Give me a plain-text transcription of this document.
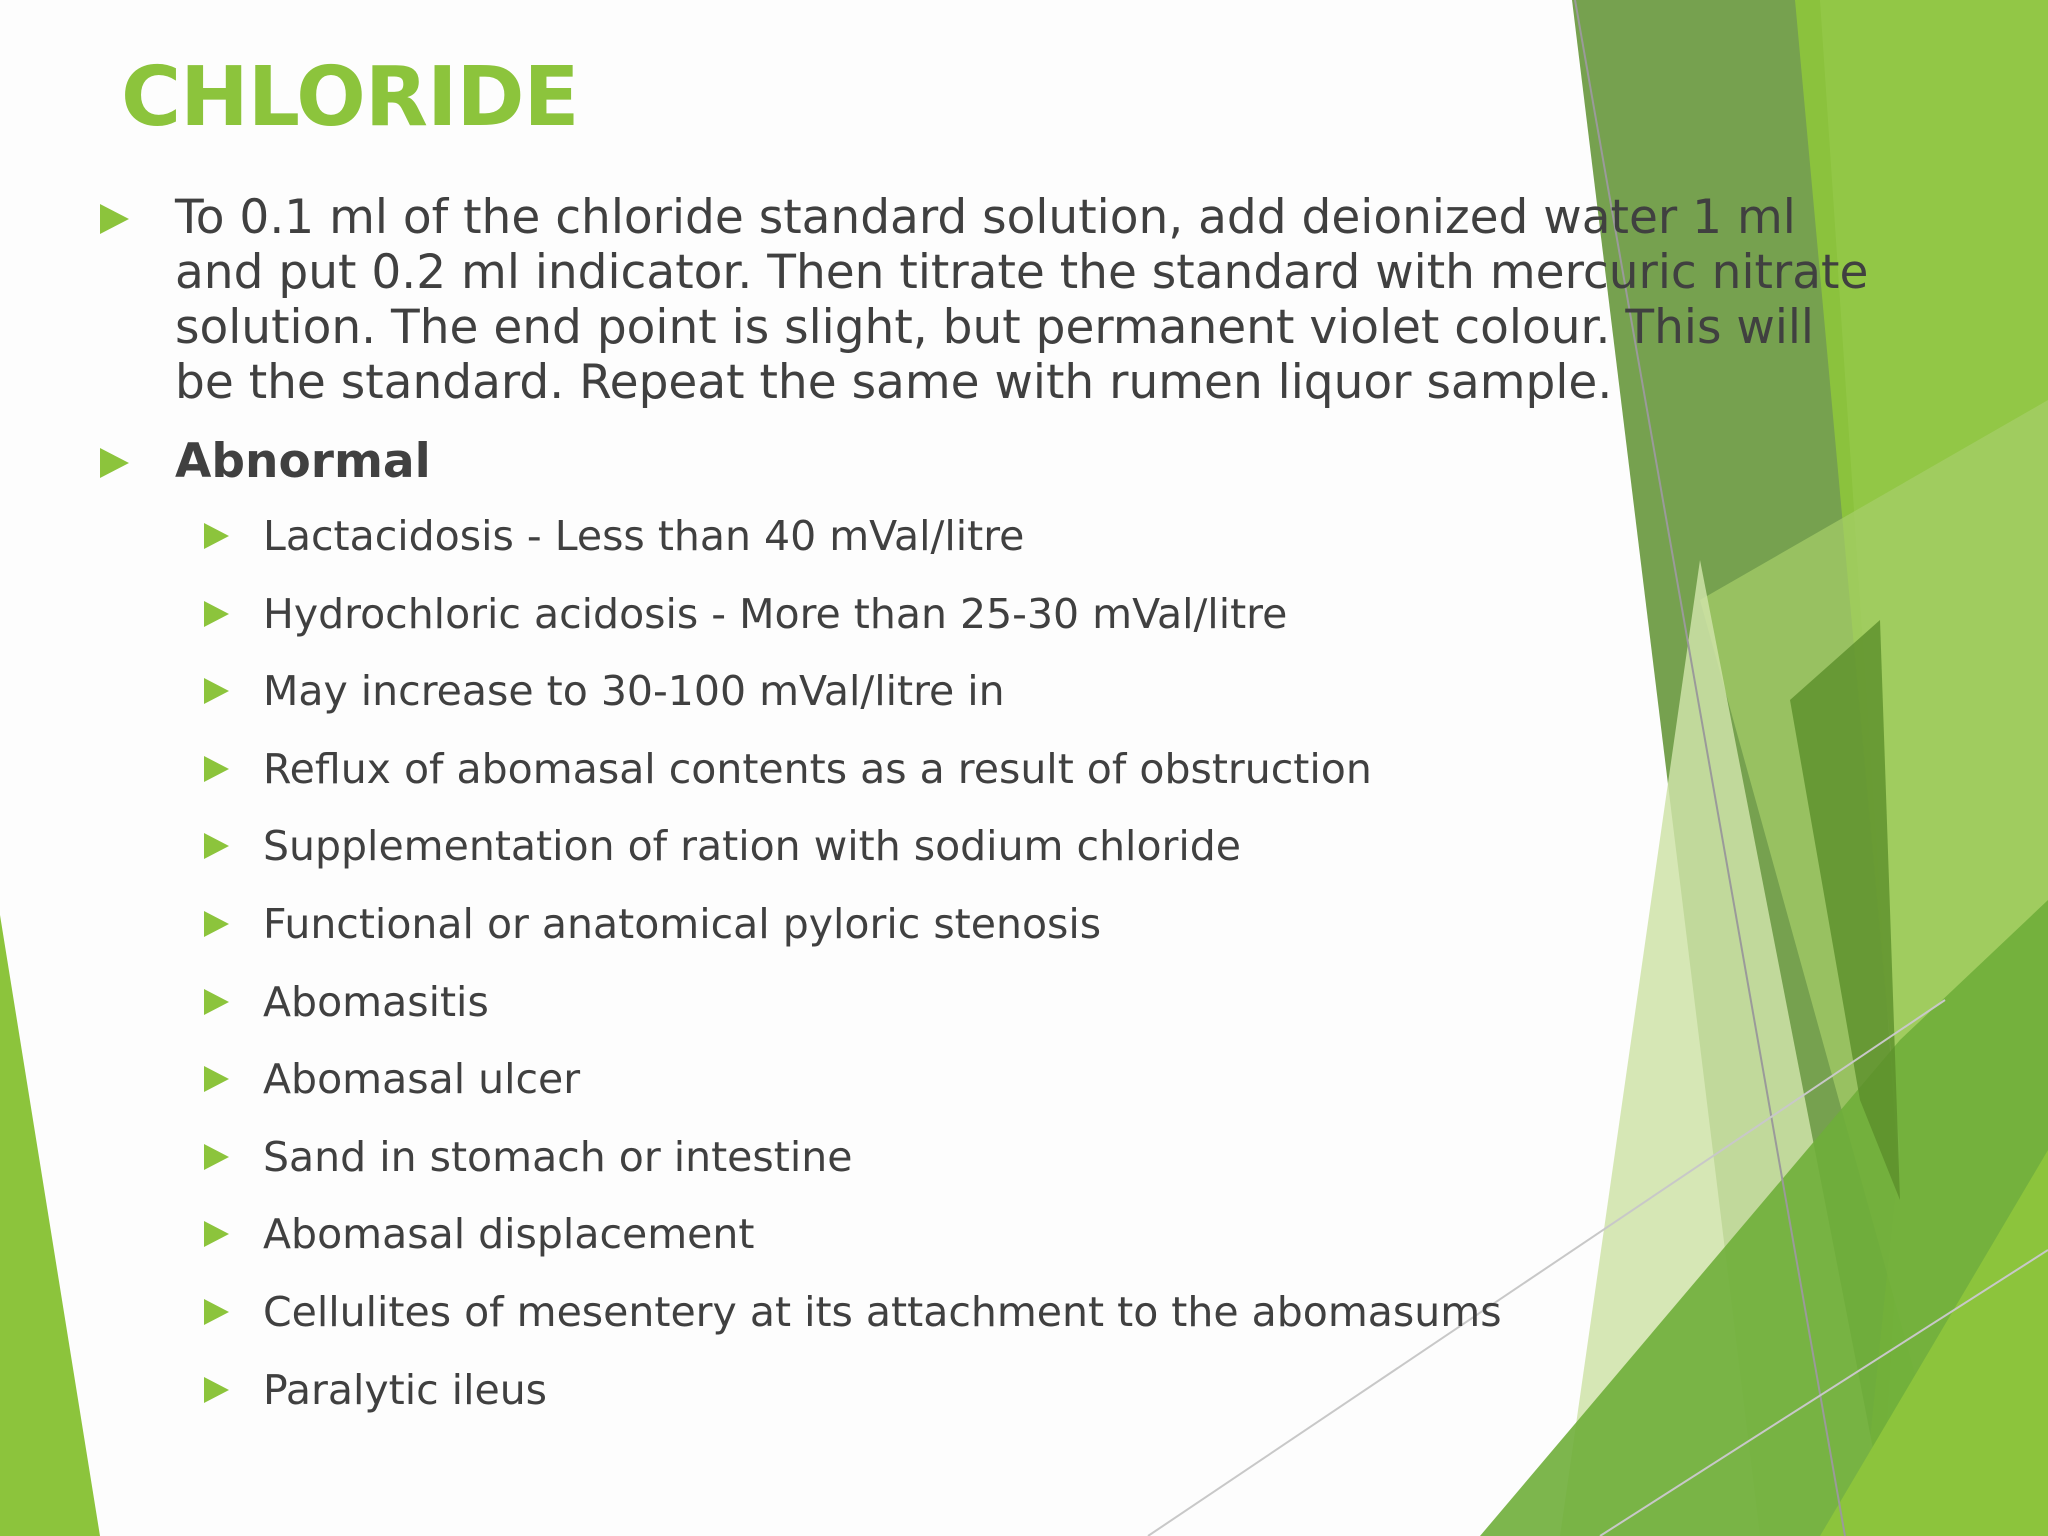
CHLORIDE
To 0.1 ml of the chloride standard solution, add deionized water 1 ml and put 0.2 ml indicator. Then titrate the standard with mercuric nitrate solution. The end point is slight, but permanent violet colour. This will be the standard. Repeat the same with rumen liquor sample.
Abnormal
Lactacidosis - Less than 40 mVal/litre
Hydrochloric acidosis - More than 25-30 mVal/litre
May increase to 30-100 mVal/litre in
Reflux of abomasal contents as a result of obstruction
Supplementation of ration with sodium chloride
Functional or anatomical pyloric stenosis
Abomasitis
Abomasal ulcer
Sand in stomach or intestine
Abomasal displacement
Cellulites of mesentery at its attachment to the abomasums
Paralytic ileus
